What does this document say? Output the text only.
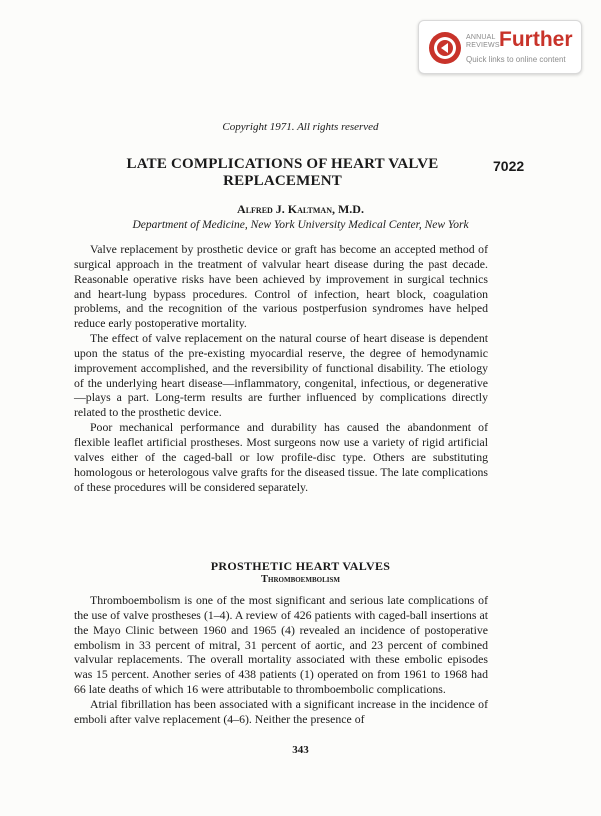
ANNUAL
REVIEWS Further
Quick links to online content
Copyright 1971. All rights reserved
LATE COMPLICATIONS OF HEART VALVE
REPLACEMENT
7022
Alfred J. Kaltman, M.D.
Department of Medicine, New York University Medical Center, New York

Valve replacement by prosthetic device or graft has become an accepted method of surgical approach in the treatment of valvular heart disease during the past decade. Reasonable operative risks have been achieved by improvement in surgical technics and heart-lung bypass procedures. Control of infection, heart block, coagulation problems, and the recognition of the various postperfusion syndromes have helped reduce early postoperative mortality.

The effect of valve replacement on the natural course of heart disease is dependent upon the status of the pre-existing myocardial reserve, the degree of hemodynamic improvement accomplished, and the reversibility of functional disability. The etiology of the underlying heart disease—inflammatory, congenital, infectious, or degenerative—plays a part. Long-term results are further influenced by complications directly related to the prosthetic device.

Poor mechanical performance and durability has caused the abandonment of flexible leaflet artificial prostheses. Most surgeons now use a variety of rigid artificial valves either of the caged-ball or low profile-disc type. Others are substituting homologous or heterologous valve grafts for the diseased tissue. The late complications of these procedures will be considered separately.

PROSTHETIC HEART VALVES
Thromboembolism

Thromboembolism is one of the most significant and serious late complications of the use of valve prostheses (1–4). A review of 426 patients with caged-ball insertions at the Mayo Clinic between 1960 and 1965 (4) revealed an incidence of postoperative embolism in 33 percent of mitral, 31 percent of aortic, and 23 percent of combined valvular replacements. The overall mortality associated with these embolic episodes was 15 percent. Another series of 438 patients (1) operated on from 1961 to 1968 had 66 late deaths of which 16 were attributable to thromboembolic complications.

Atrial fibrillation has been associated with a significant increase in the incidence of emboli after valve replacement (4–6). Neither the presence of

343
